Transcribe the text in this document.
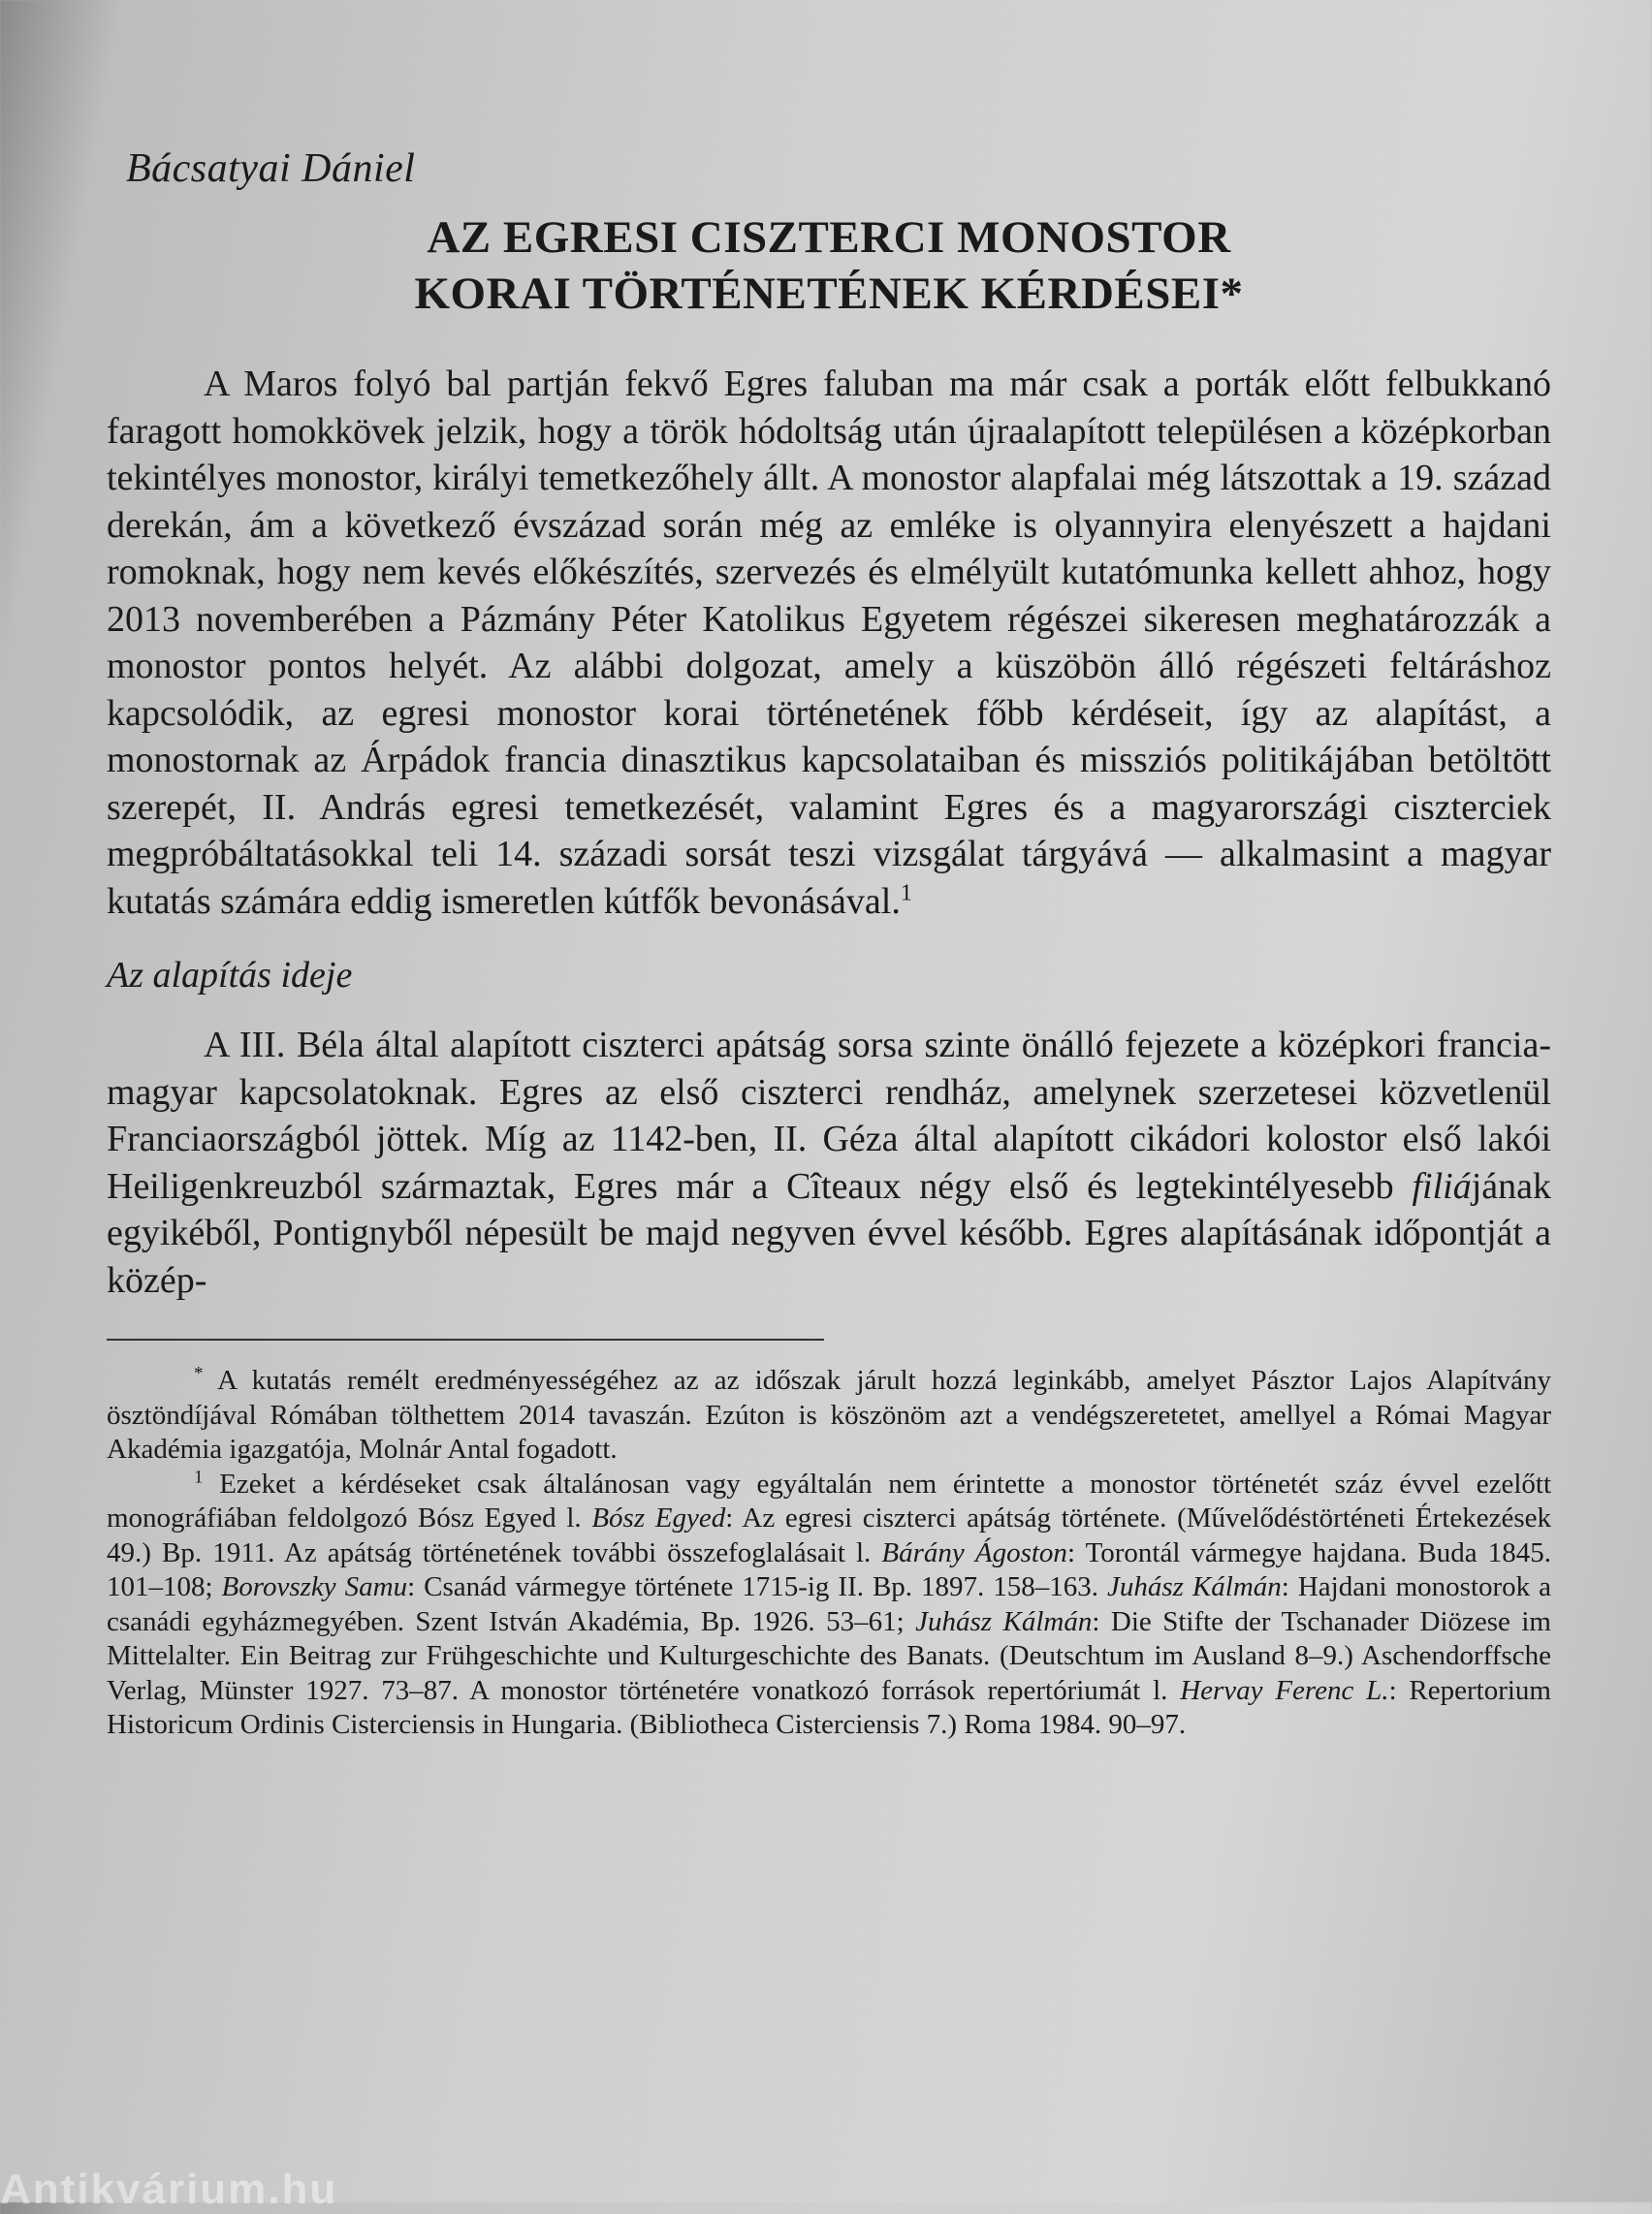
Bácsatyai Dániel
AZ EGRESI CISZTERCI MONOSTOR
KORAI TÖRTÉNETÉNEK KÉRDÉSEI*

A Maros folyó bal partján fekvő Egres faluban ma már csak a porták előtt felbukkanó faragott homokkövek jelzik, hogy a török hódoltság után újraalapított településen a középkorban tekintélyes monostor, királyi temetkezőhely állt. A monostor alapfalai még látszottak a 19. század derekán, ám a következő évszázad során még az emléke is olyannyira elenyészett a hajdani romoknak, hogy nem kevés előkészítés, szervezés és elmélyült kutatómunka kellett ahhoz, hogy 2013 novemberében a Pázmány Péter Katolikus Egyetem régészei sikeresen meghatározzák a monostor pontos helyét. Az alábbi dolgozat, amely a küszöbön álló régészeti feltáráshoz kapcsolódik, az egresi monostor korai történetének főbb kérdéseit, így az alapítást, a monostornak az Árpádok francia dinasztikus kapcsolataiban és missziós politikájában betöltött szerepét, II. András egresi temetkezését, valamint Egres és a magyarországi ciszterciek megpróbáltatásokkal teli 14. századi sorsát teszi vizsgálat tárgyává — alkalmasint a magyar kutatás számára eddig ismeretlen kútfők bevonásával.$^1$

Az alapítás ideje

A III. Béla által alapított ciszterci apátság sorsa szinte önálló fejezete a középkori francia-magyar kapcsolatoknak. Egres az első ciszterci rendház, amelynek szerzetesei közvetlenül Franciaországból jöttek. Míg az 1142-ben, II. Géza által alapított cikádori kolostor első lakói Heiligenkreuzból származtak, Egres már a Cîteaux négy első és legtekintélyesebb filiájának egyikéből, Pontignyből népesült be majd negyven évvel később. Egres alapításának időpontját a közép-

* A kutatás remélt eredményességéhez az az időszak járult hozzá leginkább, amelyet Pásztor Lajos Alapítvány ösztöndíjával Rómában tölthettem 2014 tavaszán. Ezúton is köszönöm azt a vendégszeretetet, amellyel a Római Magyar Akadémia igazgatója, Molnár Antal fogadott.

$^1$ Ezeket a kérdéseket csak általánosan vagy egyáltalán nem érintette a monostor történetét száz évvel ezelőtt monográfiában feldolgozó Bósz Egyed l. Bósz Egyed: Az egresi ciszterci apátság története. (Művelődéstörténeti Értekezések 49.) Bp. 1911. Az apátság történetének további összefoglalásait l. Bárány Ágoston: Torontál vármegye hajdana. Buda 1845. 101–108; Borovszky Samu: Csanád vármegye története 1715-ig II. Bp. 1897. 158–163. Juhász Kálmán: Hajdani monostorok a csanádi egyházmegyében. Szent István Akadémia, Bp. 1926. 53–61; Juhász Kálmán: Die Stifte der Tschanader Diözese im Mittelalter. Ein Beitrag zur Frühgeschichte und Kulturgeschichte des Banats. (Deutschtum im Ausland 8–9.) Aschendorffsche Verlag, Münster 1927. 73–87. A monostor történetére vonatkozó források repertóriumát l. Hervay Ferenc L.: Repertorium Historicum Ordinis Cisterciensis in Hungaria. (Bibliotheca Cisterciensis 7.) Roma 1984. 90–97.

Antikvárium.hu
